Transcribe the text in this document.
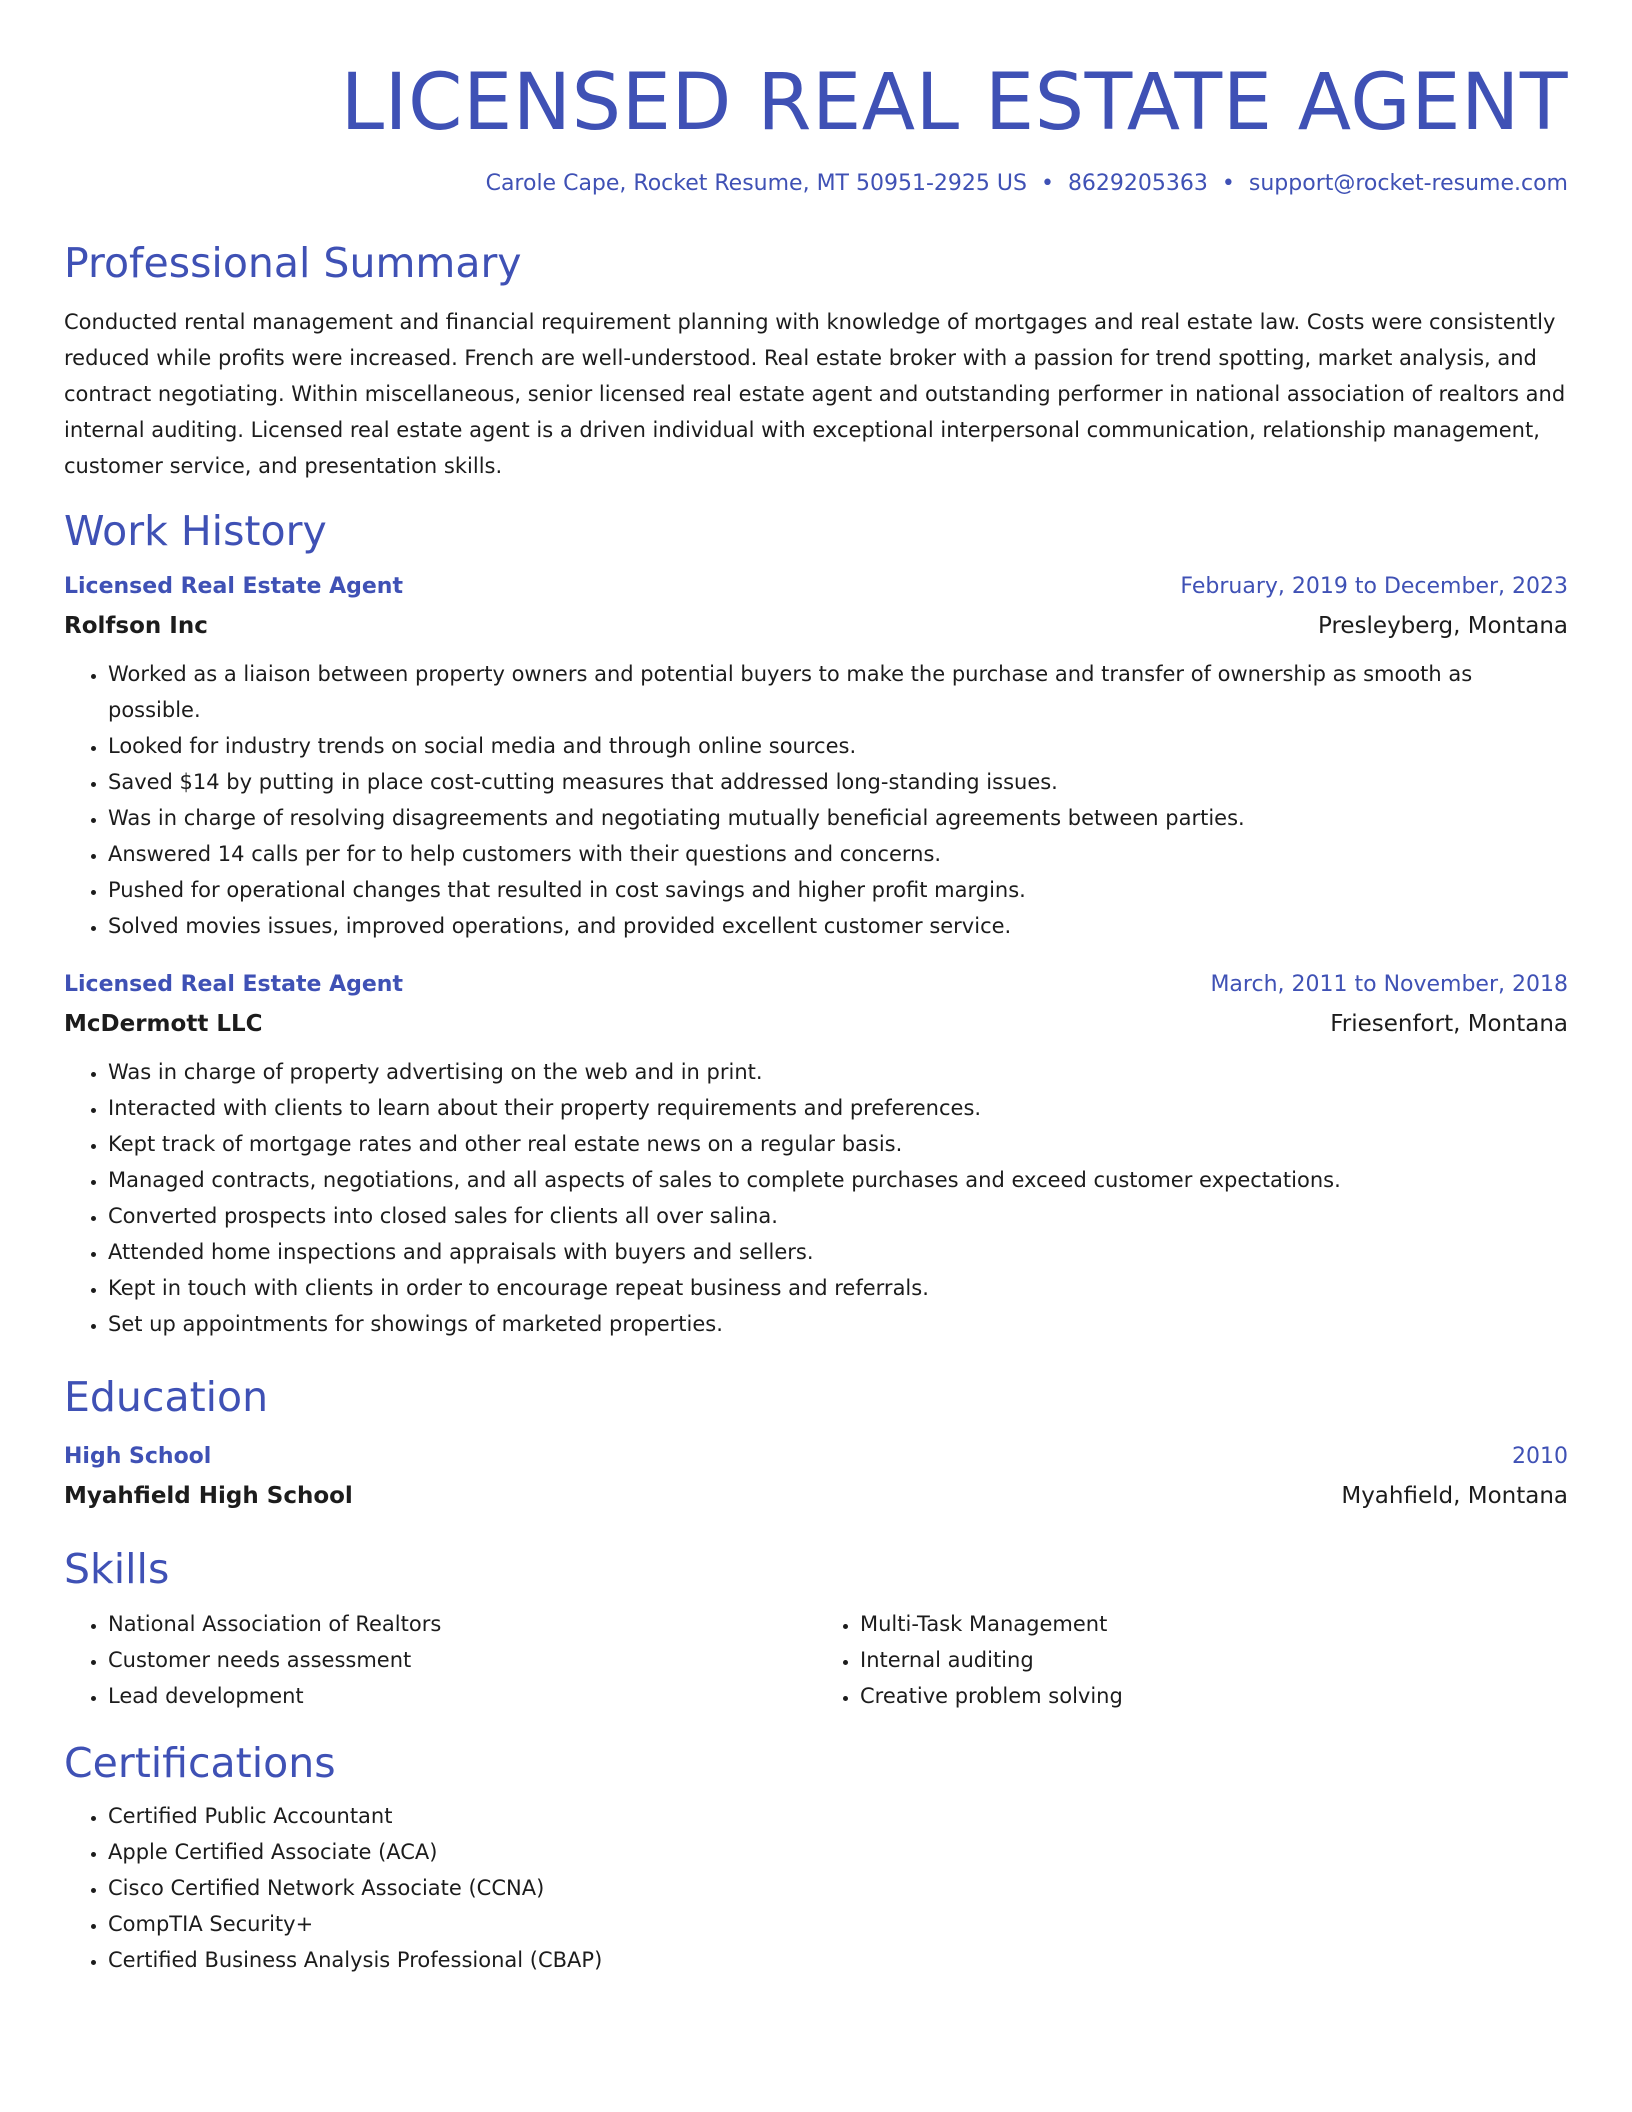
LICENSED REAL ESTATE AGENT
Carole Cape, Rocket Resume, MT 50951-2925 US • 8629205363 • support@rocket-resume.com
Professional Summary

Conducted rental management and financial requirement planning with knowledge of mortgages and real estate law. Costs were consistently reduced while profits were increased. French are well-understood. Real estate broker with a passion for trend spotting, market analysis, and contract negotiating. Within miscellaneous, senior licensed real estate agent and outstanding performer in national association of realtors and internal auditing. Licensed real estate agent is a driven individual with exceptional interpersonal communication, relationship management, customer service, and presentation skills.

Work History
Licensed Real Estate Agent	February, 2019 to December, 2023
Rolfson Inc	Presleyberg, Montana
• Worked as a liaison between property owners and potential buyers to make the purchase and transfer of ownership as smooth as possible.
• Looked for industry trends on social media and through online sources.
• Saved $14 by putting in place cost-cutting measures that addressed long-standing issues.
• Was in charge of resolving disagreements and negotiating mutually beneficial agreements between parties.
• Answered 14 calls per for to help customers with their questions and concerns.
• Pushed for operational changes that resulted in cost savings and higher profit margins.
• Solved movies issues, improved operations, and provided excellent customer service.
Licensed Real Estate Agent	March, 2011 to November, 2018
McDermott LLC	Friesenfort, Montana
• Was in charge of property advertising on the web and in print.
• Interacted with clients to learn about their property requirements and preferences.
• Kept track of mortgage rates and other real estate news on a regular basis.
• Managed contracts, negotiations, and all aspects of sales to complete purchases and exceed customer expectations.
• Converted prospects into closed sales for clients all over salina.
• Attended home inspections and appraisals with buyers and sellers.
• Kept in touch with clients in order to encourage repeat business and referrals.
• Set up appointments for showings of marketed properties.
Education
High School	2010
Myahfield High School	Myahfield, Montana
Skills
• National Association of Realtors
• Customer needs assessment
• Lead development
• Multi-Task Management
• Internal auditing
• Creative problem solving
Certifications
• Certified Public Accountant
• Apple Certified Associate (ACA)
• Cisco Certified Network Associate (CCNA)
• CompTIA Security+
• Certified Business Analysis Professional (CBAP)
